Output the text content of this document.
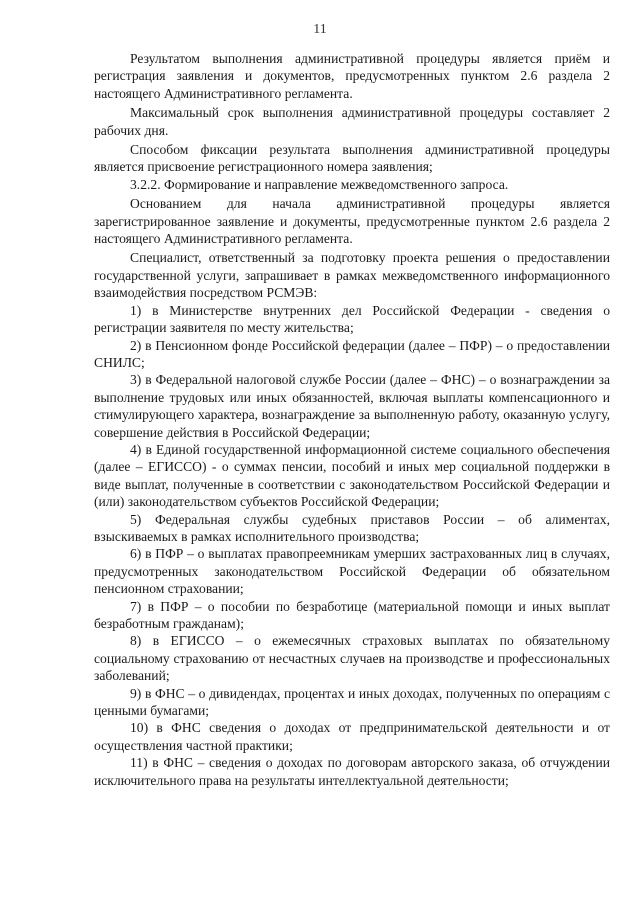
11

Результатом выполнения административной процедуры является приём и регистрация заявления и документов, предусмотренных пунктом 2.6 раздела 2 настоящего Административного регламента.

Максимальный срок выполнения административной процедуры составляет 2 рабочих дня.

Способом фиксации результата выполнения административной процедуры является присвоение регистрационного номера заявления;

3.2.2. Формирование и направление межведомственного запроса.

Основанием для начала административной процедуры является зарегистрированное заявление и документы, предусмотренные пунктом 2.6 раздела 2 настоящего Административного регламента.

Специалист, ответственный за подготовку проекта решения о предоставлении государственной услуги, запрашивает в рамках межведомственного информационного взаимодействия посредством РСМЭВ:

1) в Министерстве внутренних дел Российской Федерации - сведения о регистрации заявителя по месту жительства;

2) в Пенсионном фонде Российской федерации (далее – ПФР) – о предоставлении СНИЛС;

3) в Федеральной налоговой службе России (далее – ФНС) – о вознаграждении за выполнение трудовых или иных обязанностей, включая выплаты компенсационного и стимулирующего характера, вознаграждение за выполненную работу, оказанную услугу, совершение действия в Российской Федерации;

4) в Единой государственной информационной системе социального обеспечения (далее – ЕГИССО) - о суммах пенсии, пособий и иных мер социальной поддержки в виде выплат, полученные в соответствии с законодательством Российской Федерации и (или) законодательством субъектов Российской Федерации;

5) Федеральная службы судебных приставов России – об алиментах, взыскиваемых в рамках исполнительного производства;

6) в ПФР – о выплатах правопреемникам умерших застрахованных лиц в случаях, предусмотренных законодательством Российской Федерации об обязательном пенсионном страховании;

7) в ПФР – о пособии по безработице (материальной помощи и иных выплат безработным гражданам);

8) в ЕГИССО – о ежемесячных страховых выплатах по обязательному социальному страхованию от несчастных случаев на производстве и профессиональных заболеваний;

9) в ФНС – о дивидендах, процентах и иных доходах, полученных по операциям с ценными бумагами;

10) в ФНС сведения о доходах от предпринимательской деятельности и от осуществления частной практики;

11) в ФНС – сведения о доходах по договорам авторского заказа, об отчуждении исключительного права на результаты интеллектуальной деятельности;
